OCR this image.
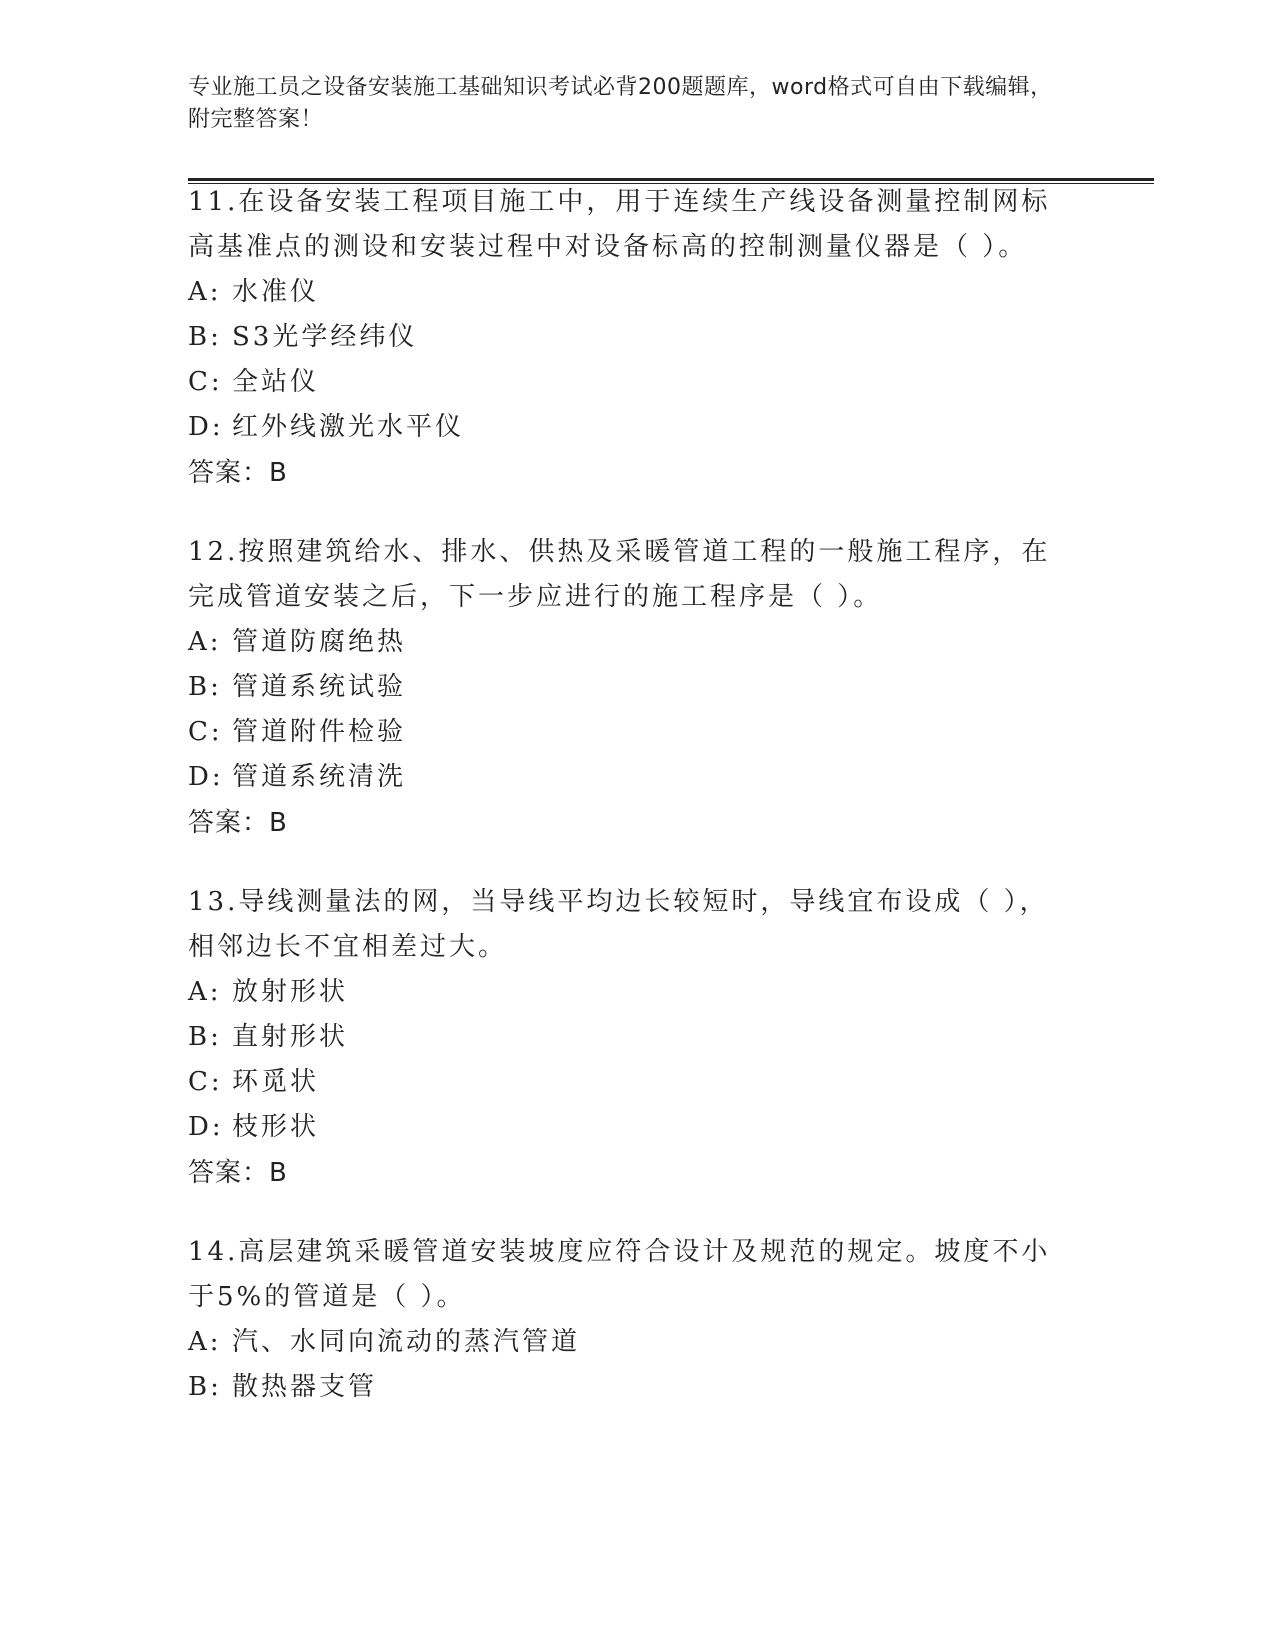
专业施工员之设备安装施工基础知识考试必背200题题库，word格式可自由下载编辑，附完整答案！
11.在设备安装工程项目施工中，用于连续生产线设备测量控制网标高基准点的测设和安装过程中对设备标高的控制测量仪器是（ ）。
A: 水准仪
B: S3光学经纬仪
C: 全站仪
D: 红外线激光水平仪
答案：B
12.按照建筑给水、排水、供热及采暖管道工程的一般施工程序，在完成管道安装之后，下一步应进行的施工程序是（ ）。
A: 管道防腐绝热
B: 管道系统试验
C: 管道附件检验
D: 管道系统清洗
答案：B
13.导线测量法的网，当导线平均边长较短时，导线宜布设成（ ），相邻边长不宜相差过大。
A: 放射形状
B: 直射形状
C: 环觅状
D: 枝形状
答案：B
14.高层建筑采暖管道安装坡度应符合设计及规范的规定。坡度不小于5%的管道是（ ）。
A: 汽、水同向流动的蒸汽管道
B: 散热器支管
